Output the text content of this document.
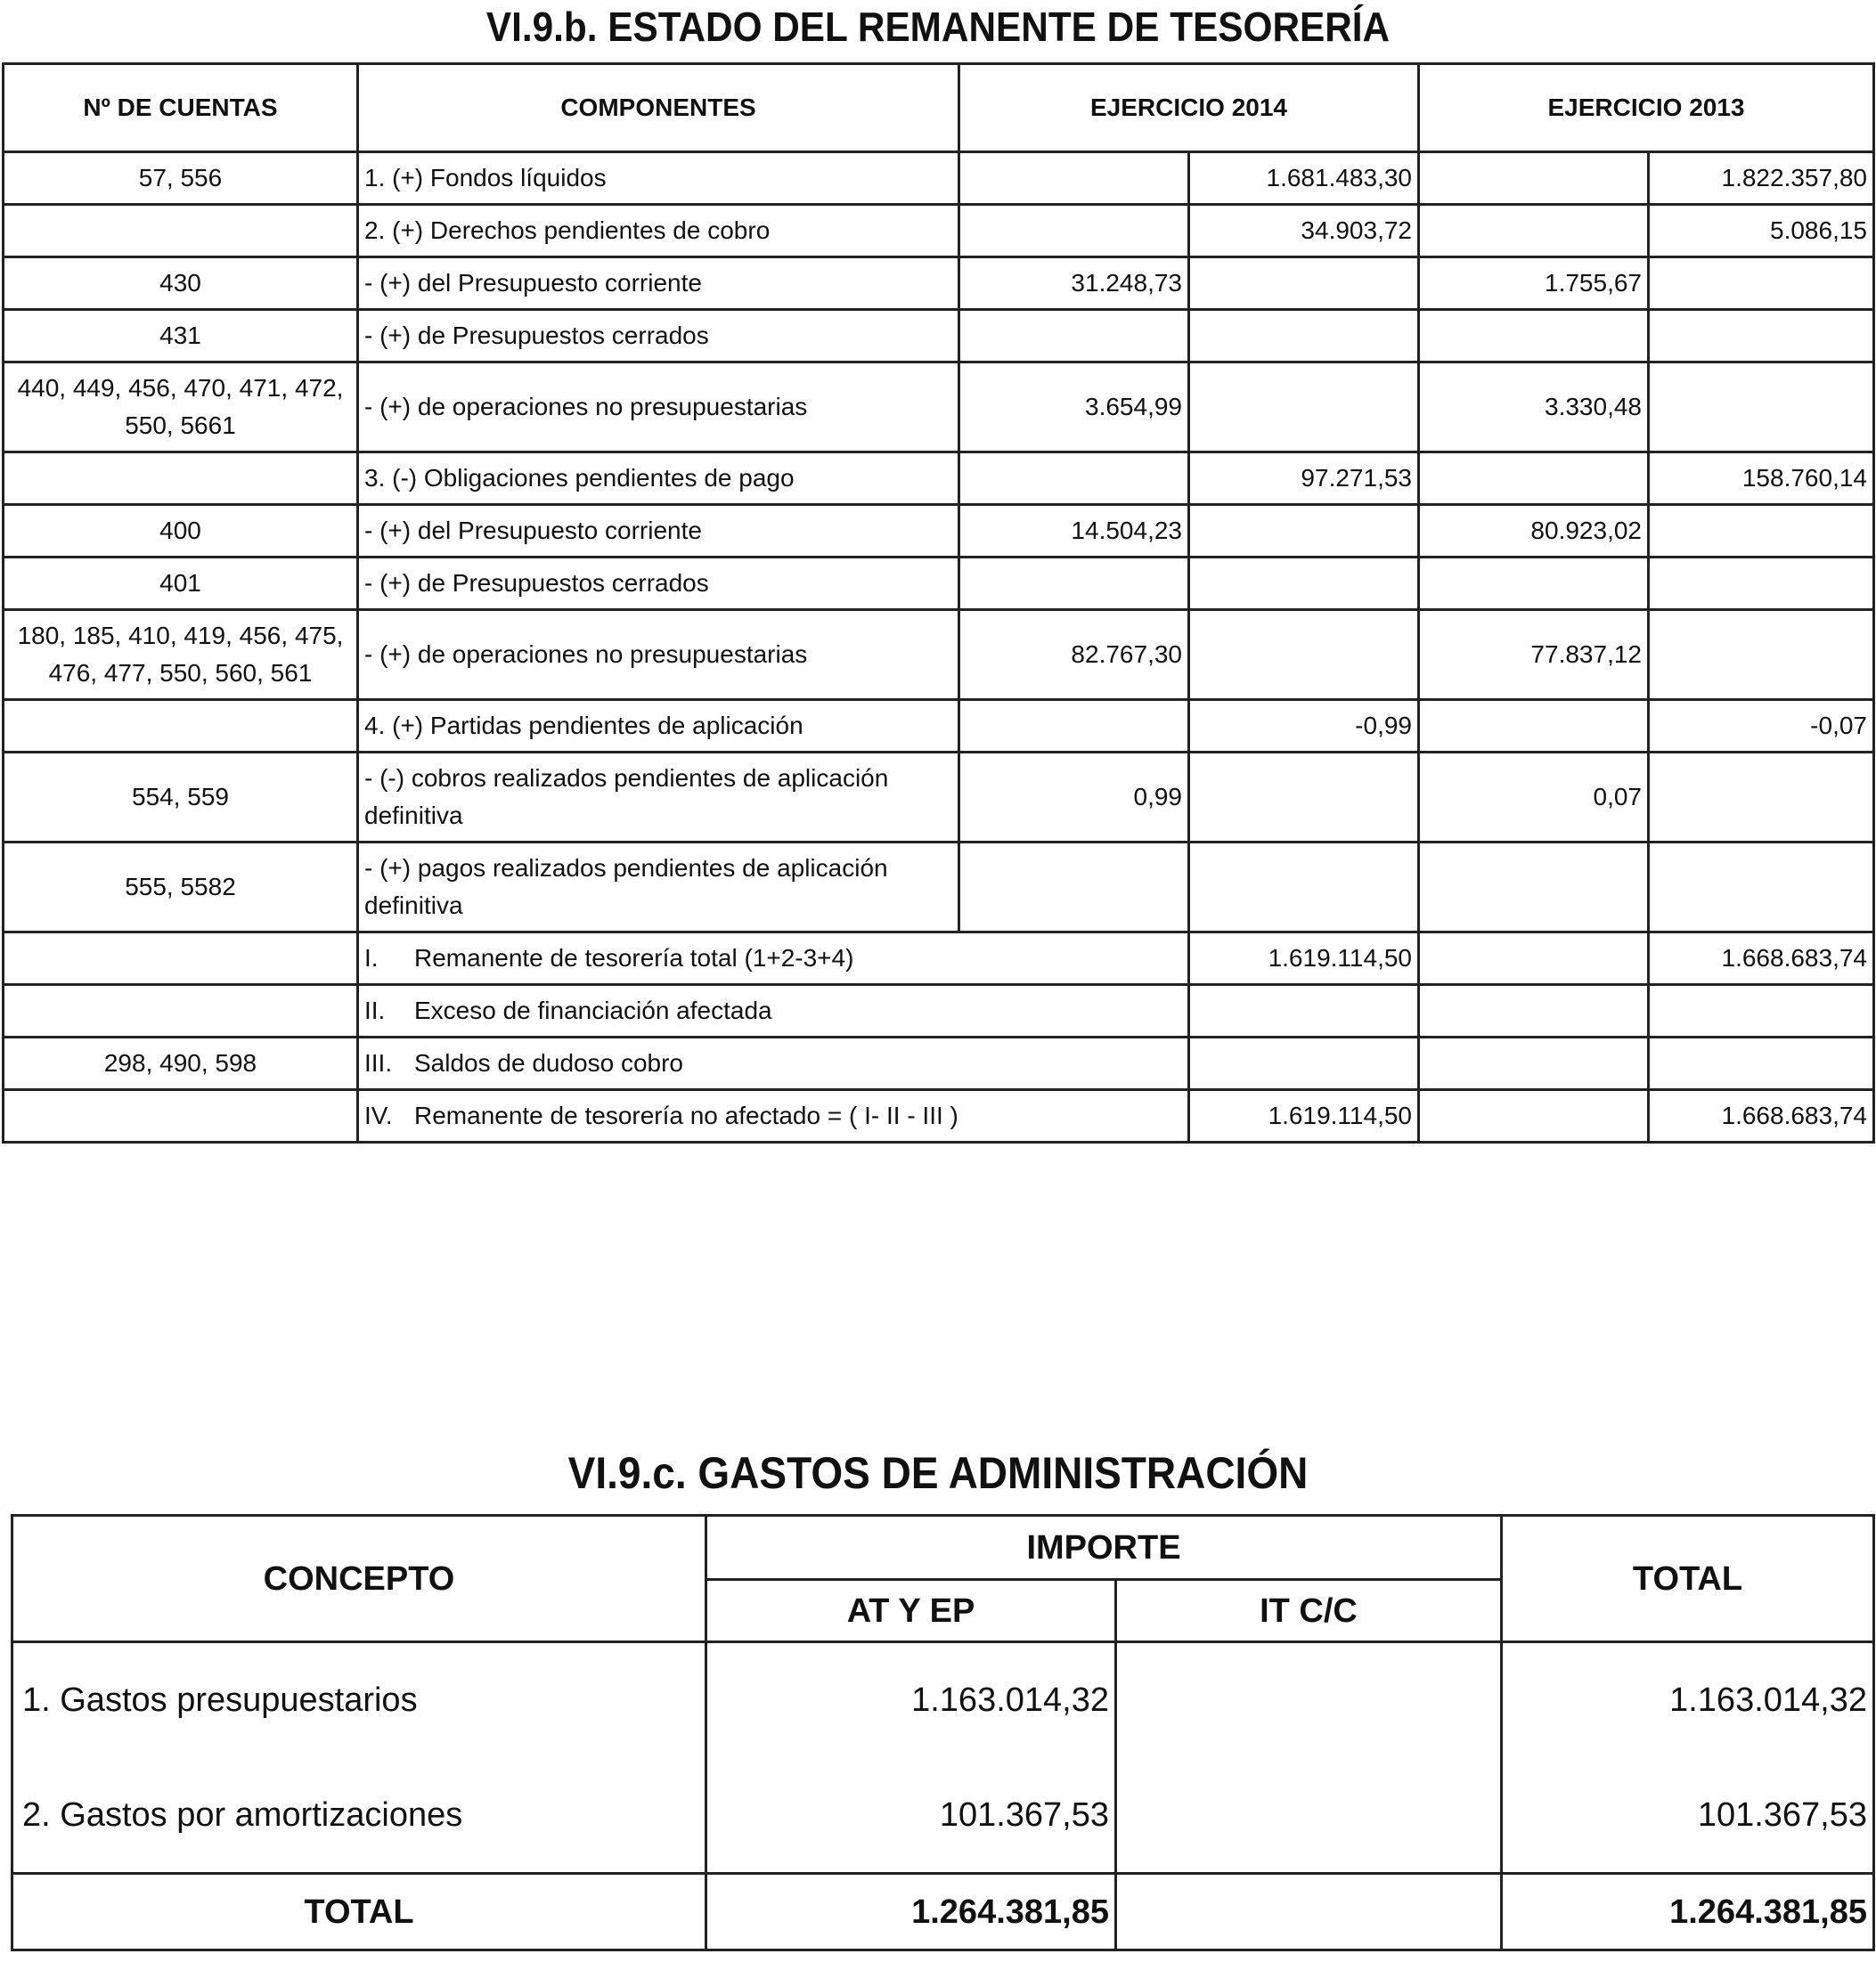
VI.9.b. ESTADO DEL REMANENTE DE TESORERÍA
Nº DE CUENTAS	COMPONENTES	EJERCICIO 2014		EJERCICIO 2013	
57, 556	1. (+) Fondos líquidos		1.681.483,30		1.822.357,80
	2. (+) Derechos pendientes de cobro		34.903,72		5.086,15
430	- (+) del Presupuesto corriente	31.248,73		1.755,67	
431	- (+) de Presupuestos cerrados				
440, 449, 456, 470, 471, 472, 550, 5661	- (+) de operaciones no presupuestarias	3.654,99		3.330,48	
	3. (-) Obligaciones pendientes de pago		97.271,53		158.760,14
400	- (+) del Presupuesto corriente	14.504,23		80.923,02	
401	- (+) de Presupuestos cerrados				
180, 185, 410, 419, 456, 475, 476, 477, 550, 560, 561	- (+) de operaciones no presupuestarias	82.767,30		77.837,12	
	4. (+) Partidas pendientes de aplicación		-0,99		-0,07
554, 559	- (-) cobros realizados pendientes de aplicación definitiva	0,99		0,07	
555, 5582	- (+) pagos realizados pendientes de aplicación definitiva				
	I. Remanente de tesorería total (1+2-3+4)		1.619.114,50		1.668.683,74
	II. Exceso de financiación afectada				
298, 490, 598	III. Saldos de dudoso cobro				
	IV. Remanente de tesorería no afectado = ( I- II - III )		1.619.114,50		1.668.683,74
VI.9.c. GASTOS DE ADMINISTRACIÓN
CONCEPTO	IMPORTE		TOTAL
	AT Y EP	IT C/C	
1. Gastos presupuestarios	1.163.014,32		1.163.014,32
2. Gastos por amortizaciones	101.367,53		101.367,53
TOTAL	1.264.381,85		1.264.381,85
